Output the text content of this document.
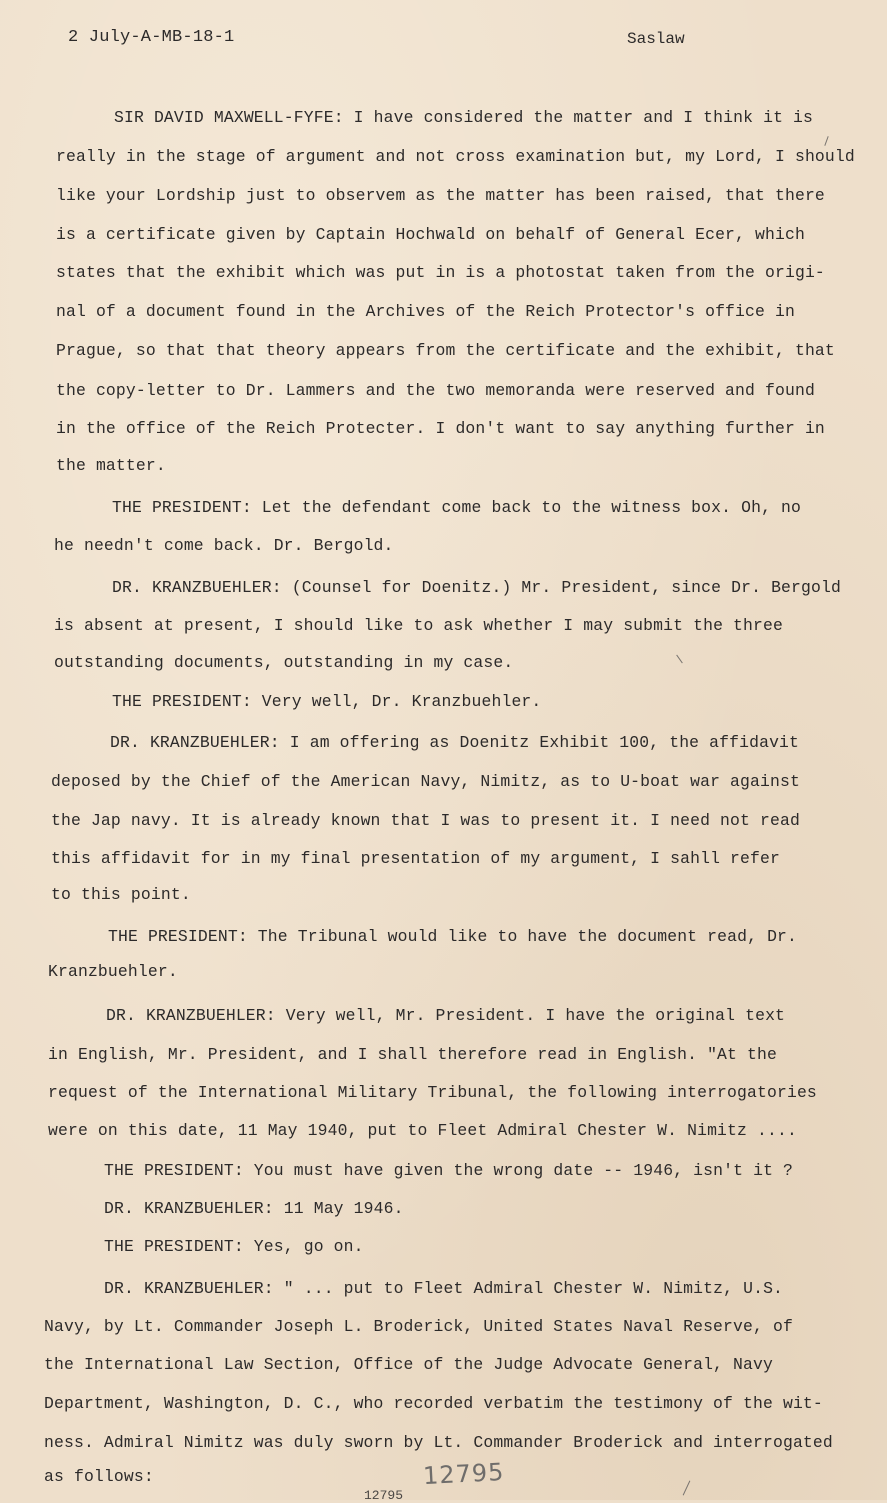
2 July-A-MB-18-1	Saslaw
SIR DAVID MAXWELL-FYFE: I have considered the matter and I think it is
really in the stage of argument and not cross examination but, my Lord, I should
like your Lordship just to observem as the matter has been raised, that there
is a certificate given by Captain Hochwald on behalf of General Ecer, which
states that the exhibit which was put in is a photostat taken from the origi-
nal of a document found in the Archives of the Reich Protector's office in
Prague, so that that theory appears from the certificate and the exhibit, that
the copy-letter to Dr. Lammers and the two memoranda were reserved and found
in the office of the Reich Protecter. I don't want to say anything further in
the matter.
THE PRESIDENT: Let the defendant come back to the witness box. Oh, no
he needn't come back. Dr. Bergold.
DR. KRANZBUEHLER: (Counsel for Doenitz.) Mr. President, since Dr. Bergold
is absent at present, I should like to ask whether I may submit the three
outstanding documents, outstanding in my case.
THE PRESIDENT: Very well, Dr. Kranzbuehler.
DR. KRANZBUEHLER: I am offering as Doenitz Exhibit 100, the affidavit
deposed by the Chief of the American Navy, Nimitz, as to U-boat war against
the Jap navy. It is already known that I was to present it. I need not read
this affidavit for in my final presentation of my argument, I sahll refer
to this point.
THE PRESIDENT: The Tribunal would like to have the document read, Dr.
Kranzbuehler.
DR. KRANZBUEHLER: Very well, Mr. President. I have the original text
in English, Mr. President, and I shall therefore read in English. "At the
request of the International Military Tribunal, the following interrogatories
were on this date, 11 May 1940, put to Fleet Admiral Chester W. Nimitz ....
THE PRESIDENT: You must have given the wrong date -- 1946, isn't it ?
DR. KRANZBUEHLER: 11 May 1946.
THE PRESIDENT: Yes, go on.
DR. KRANZBUEHLER: " ... put to Fleet Admiral Chester W. Nimitz, U.S.
Navy, by Lt. Commander Joseph L. Broderick, United States Naval Reserve, of
the International Law Section, Office of the Judge Advocate General, Navy
Department, Washington, D. C., who recorded verbatim the testimony of the wit-
ness. Admiral Nimitz was duly sworn by Lt. Commander Broderick and interrogated
as follows:	12795
12795
